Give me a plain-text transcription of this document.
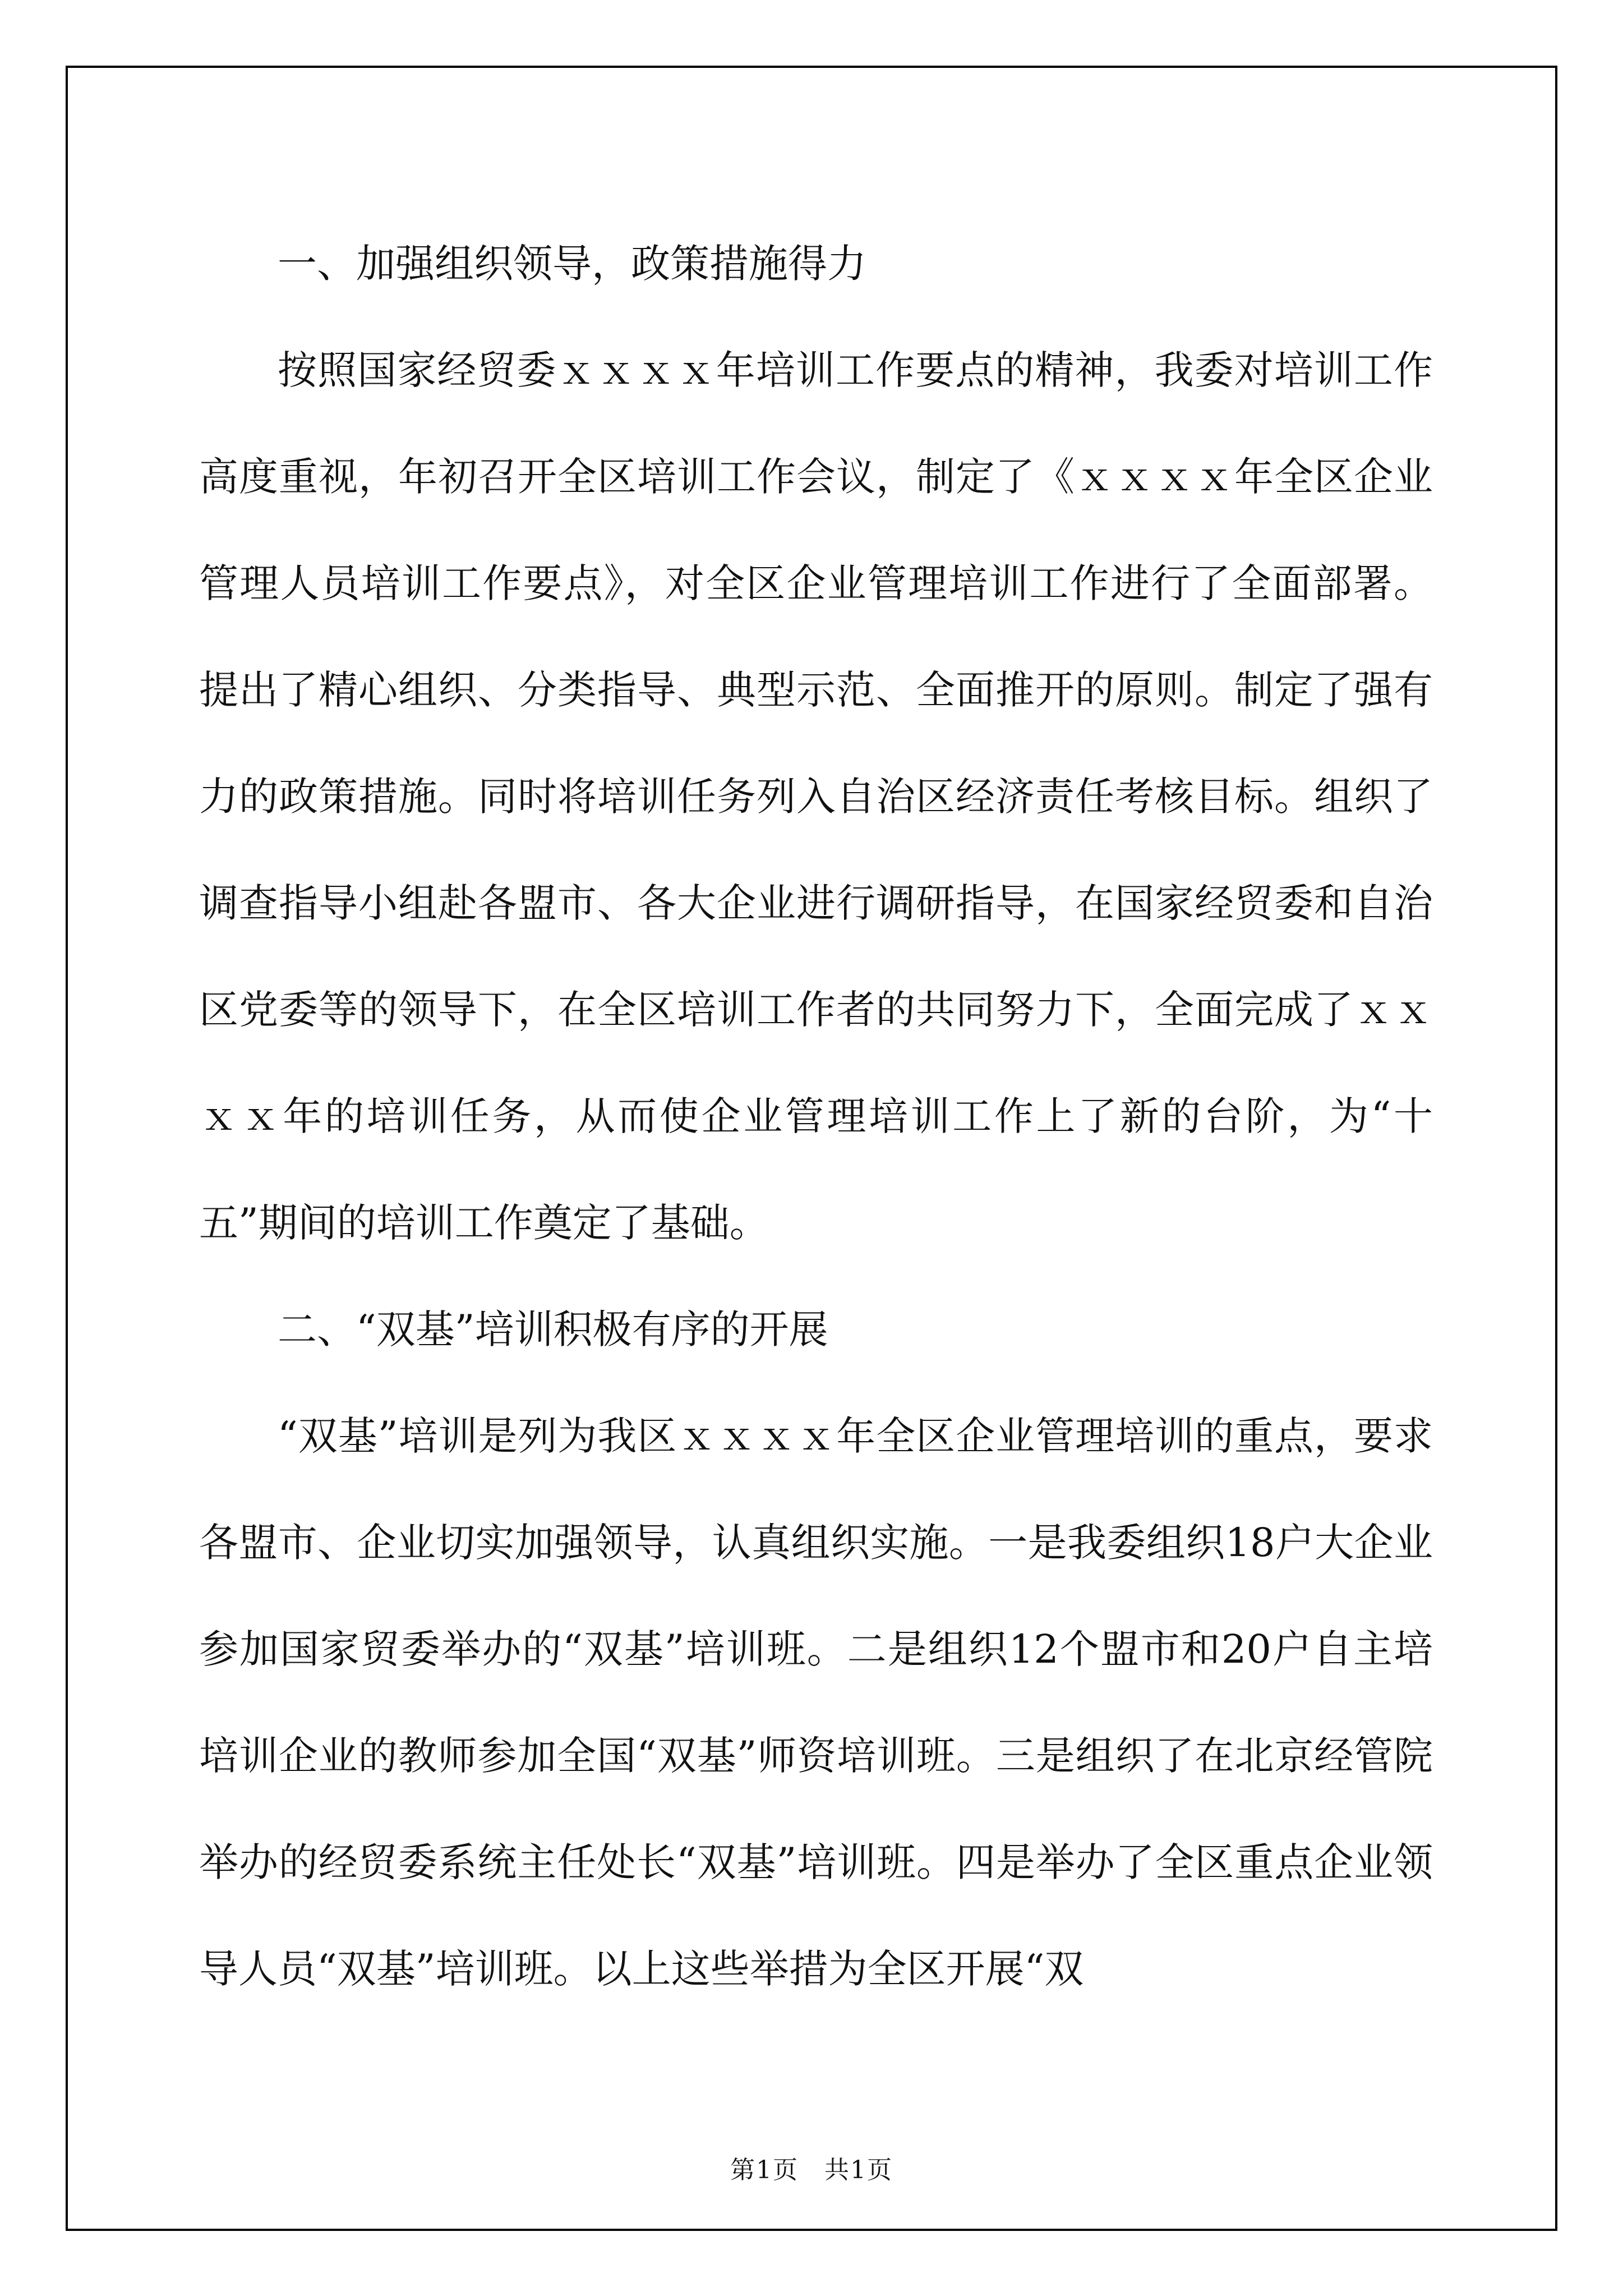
一、加强组织领导，政策措施得力

按照国家经贸委ｘｘｘｘ年培训工作要点的精神，我委对培训工作高度重视，年初召开全区培训工作会议，制定了《ｘｘｘｘ年全区企业管理人员培训工作要点》，对全区企业管理培训工作进行了全面部署。提出了精心组织、分类指导、典型示范、全面推开的原则。制定了强有力的政策措施。同时将培训任务列入自治区经济责任考核目标。组织了调查指导小组赴各盟市、各大企业进行调研指导，在国家经贸委和自治区党委等的领导下，在全区培训工作者的共同努力下，全面完成了ｘｘｘｘ年的培训任务，从而使企业管理培训工作上了新的台阶，为“十五”期间的培训工作奠定了基础。

二、“双基”培训积极有序的开展

“双基”培训是列为我区ｘｘｘｘ年全区企业管理培训的重点，要求各盟市、企业切实加强领导，认真组织实施。一是我委组织18户大企业参加国家贸委举办的“双基”培训班。二是组织12个盟市和20户自主培培训企业的教师参加全国“双基”师资培训班。三是组织了在北京经管院举办的经贸委系统主任处长“双基”培训班。四是举办了全区重点企业领导人员“双基”培训班。以上这些举措为全区开展“双

第1页　共1页
